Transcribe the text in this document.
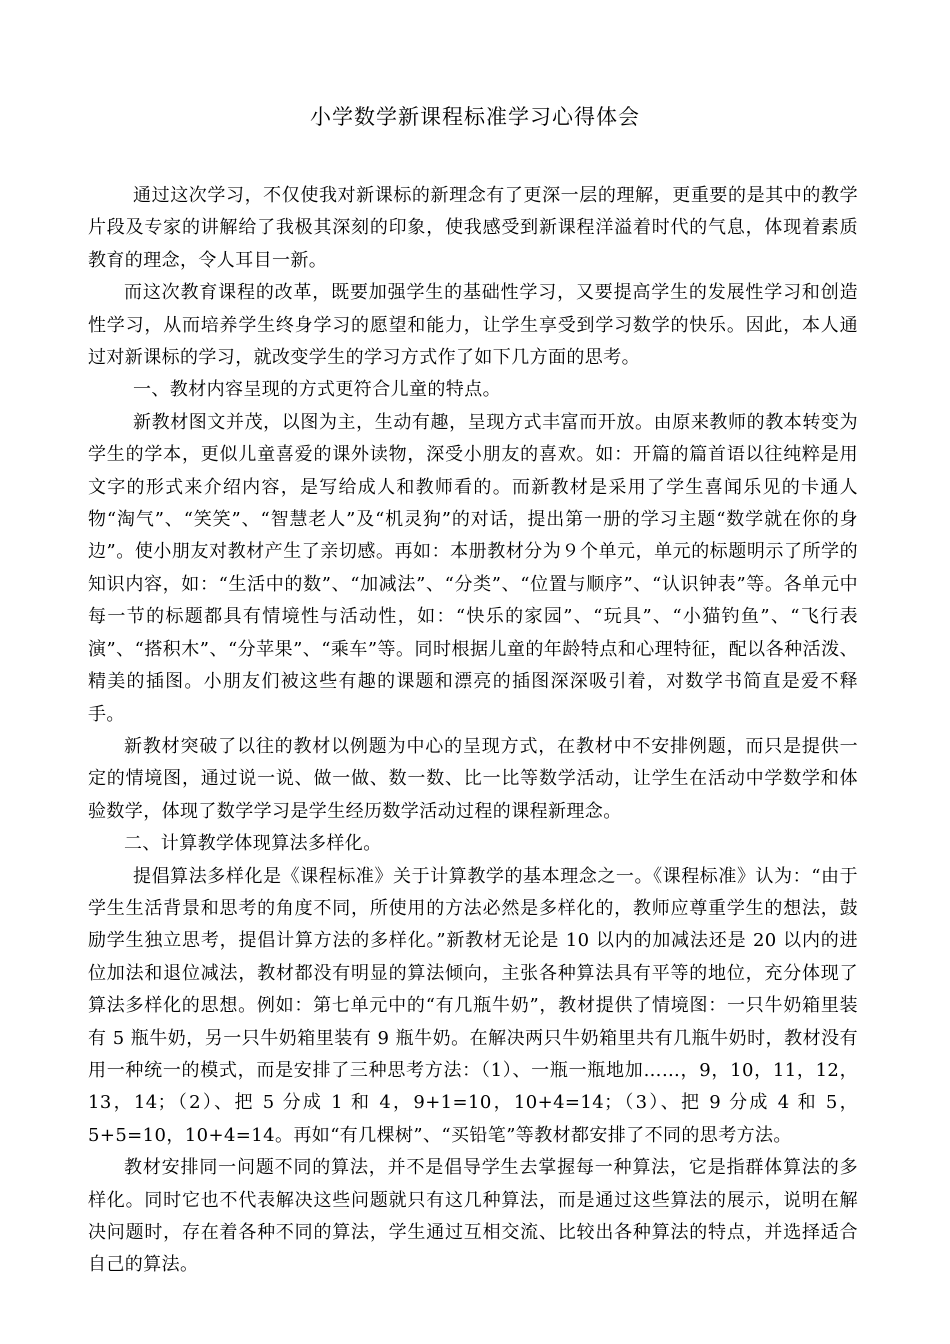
小学数学新课程标准学习心得体会

通过这次学习，不仅使我对新课标的新理念有了更深一层的理解，更重要的是其中的教学片段及专家的讲解给了我极其深刻的印象，使我感受到新课程洋溢着时代的气息，体现着素质教育的理念，令人耳目一新。

而这次教育课程的改革，既要加强学生的基础性学习，又要提高学生的发展性学习和创造性学习，从而培养学生终身学习的愿望和能力，让学生享受到学习数学的快乐。因此，本人通过对新课标的学习，就改变学生的学习方式作了如下几方面的思考。

一、教材内容呈现的方式更符合儿童的特点。

新教材图文并茂，以图为主，生动有趣，呈现方式丰富而开放。由原来教师的教本转变为学生的学本，更似儿童喜爱的课外读物，深受小朋友的喜欢。如：开篇的篇首语以往纯粹是用文字的形式来介绍内容，是写给成人和教师看的。而新教材是采用了学生喜闻乐见的卡通人物“淘气”、“笑笑”、“智慧老人”及“机灵狗”的对话，提出第一册的学习主题“数学就在你的身边”。使小朋友对教材产生了亲切感。再如：本册教材分为９个单元，单元的标题明示了所学的知识内容，如：“生活中的数”、“加减法”、“分类”、“位置与顺序”、“认识钟表”等。各单元中每一节的标题都具有情境性与活动性，如：“快乐的家园”、“玩具”、“小猫钓鱼”、“飞行表演”、“搭积木”、“分苹果”、“乘车”等。同时根据儿童的年龄特点和心理特征，配以各种活泼、精美的插图。小朋友们被这些有趣的课题和漂亮的插图深深吸引着，对数学书简直是爱不释手。

新教材突破了以往的教材以例题为中心的呈现方式，在教材中不安排例题，而只是提供一定的情境图，通过说一说、做一做、数一数、比一比等数学活动，让学生在活动中学数学和体验数学，体现了数学学习是学生经历数学活动过程的课程新理念。

二、计算教学体现算法多样化。

提倡算法多样化是《课程标准》关于计算教学的基本理念之一。《课程标准》认为：“由于学生生活背景和思考的角度不同，所使用的方法必然是多样化的，教师应尊重学生的想法，鼓励学生独立思考，提倡计算方法的多样化。”新教材无论是 10 以内的加减法还是 20 以内的进位加法和退位减法，教材都没有明显的算法倾向，主张各种算法具有平等的地位，充分体现了算法多样化的思想。例如：第七单元中的“有几瓶牛奶”，教材提供了情境图：一只牛奶箱里装有 5 瓶牛奶，另一只牛奶箱里装有 9 瓶牛奶。在解决两只牛奶箱里共有几瓶牛奶时，教材没有用一种统一的模式，而是安排了三种思考方法：（1）、一瓶一瓶地加……，9，10，11，12，13，14；（2）、把 5 分成 1 和 4，9+1=10，10+4=14；（3）、把 9 分成 4 和 5，5+5=10，10+4=14。再如“有几棵树”、“买铅笔”等教材都安排了不同的思考方法。

教材安排同一问题不同的算法，并不是倡导学生去掌握每一种算法，它是指群体算法的多样化。同时它也不代表解决这些问题就只有这几种算法，而是通过这些算法的展示，说明在解决问题时，存在着各种不同的算法，学生通过互相交流、比较出各种算法的特点，并选择适合自己的算法。
